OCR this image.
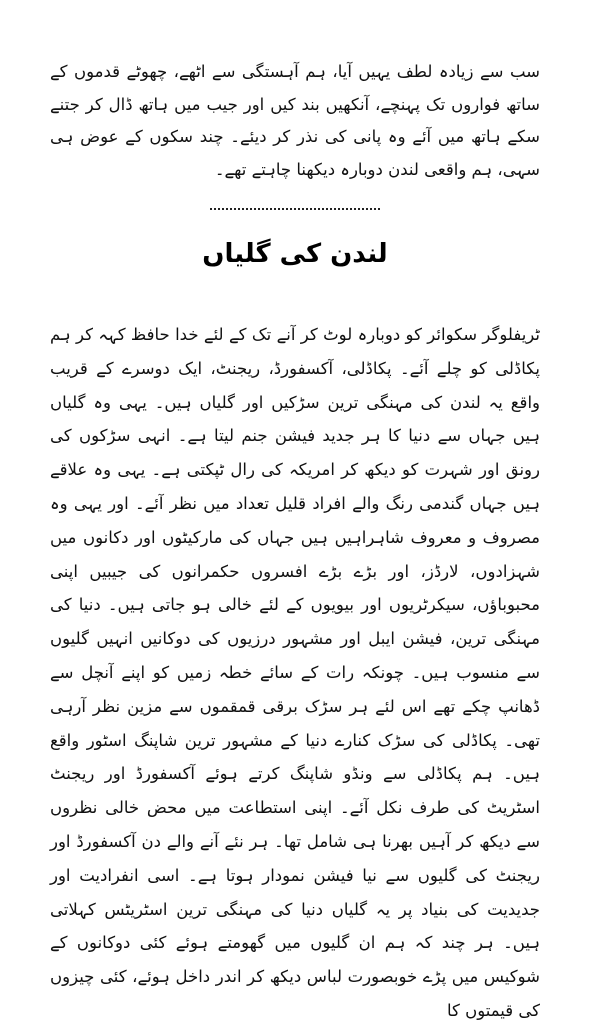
سب سے زیادہ لطف یہیں آیا، ہم آہستگی سے اٹھے، چھوٹے قدموں کے ساتھ فواروں تک پہنچے، آنکھیں بند کیں اور جیب میں ہاتھ ڈال کر جتنے سکے ہاتھ میں آئے وہ پانی کی نذر کر دیئے۔ چند سکوں کے عوض ہی سہی، ہم واقعی لندن دوبارہ دیکھنا چاہتے تھے۔

لندن کی گلیاں

ٹریفلوگر سکوائر کو دوبارہ لوٹ کر آنے تک کے لئے خدا حافظ کہہ کر ہم پکاڈلی کو چلے آئے۔ پکاڈلی، آکسفورڈ، ریجنٹ، ایک دوسرے کے قریب واقع یہ لندن کی مہنگی ترین سڑکیں اور گلیاں ہیں۔ یہی وہ گلیاں ہیں جہاں سے دنیا کا ہر جدید فیشن جنم لیتا ہے۔ انہی سڑکوں کی رونق اور شہرت کو دیکھ کر امریکہ کی رال ٹپکتی ہے۔ یہی وہ علاقے ہیں جہاں گندمی رنگ والے افراد قلیل تعداد میں نظر آئے۔ اور یہی وہ مصروف و معروف شاہراہیں ہیں جہاں کی مارکیٹوں اور دکانوں میں شہزادوں، لارڈز، اور بڑے بڑے افسروں حکمرانوں کی جیبیں اپنی محبوباؤں، سیکرٹریوں اور بیویوں کے لئے خالی ہو جاتی ہیں۔ دنیا کی مہنگی ترین، فیشن ایبل اور مشہور درزیوں کی دوکانیں انہیں گلیوں سے منسوب ہیں۔ چونکہ رات کے سائے خطہ زمیں کو اپنے آنچل سے ڈھانپ چکے تھے اس لئے ہر سڑک برقی قمقموں سے مزین نظر آرہی تھی۔ پکاڈلی کی سڑک کنارے دنیا کے مشہور ترین شاپنگ اسٹور واقع ہیں۔ ہم پکاڈلی سے ونڈو شاپنگ کرتے ہوئے آکسفورڈ اور ریجنٹ اسٹریٹ کی طرف نکل آئے۔ اپنی استطاعت میں محض خالی نظروں سے دیکھ کر آہیں بھرنا ہی شامل تھا۔ ہر نئے آنے والے دن آکسفورڈ اور ریجنٹ کی گلیوں سے نیا فیشن نمودار ہوتا ہے۔ اسی انفرادیت اور جدیدیت کی بنیاد پر یہ گلیاں دنیا کی مہنگی ترین اسٹریٹس کہلاتی ہیں۔ ہر چند کہ ہم ان گلیوں میں گھومتے ہوئے کئی دوکانوں کے شوکیس میں پڑے خوبصورت لباس دیکھ کر اندر داخل ہوئے، کئی چیزوں کی قیمتوں کا
